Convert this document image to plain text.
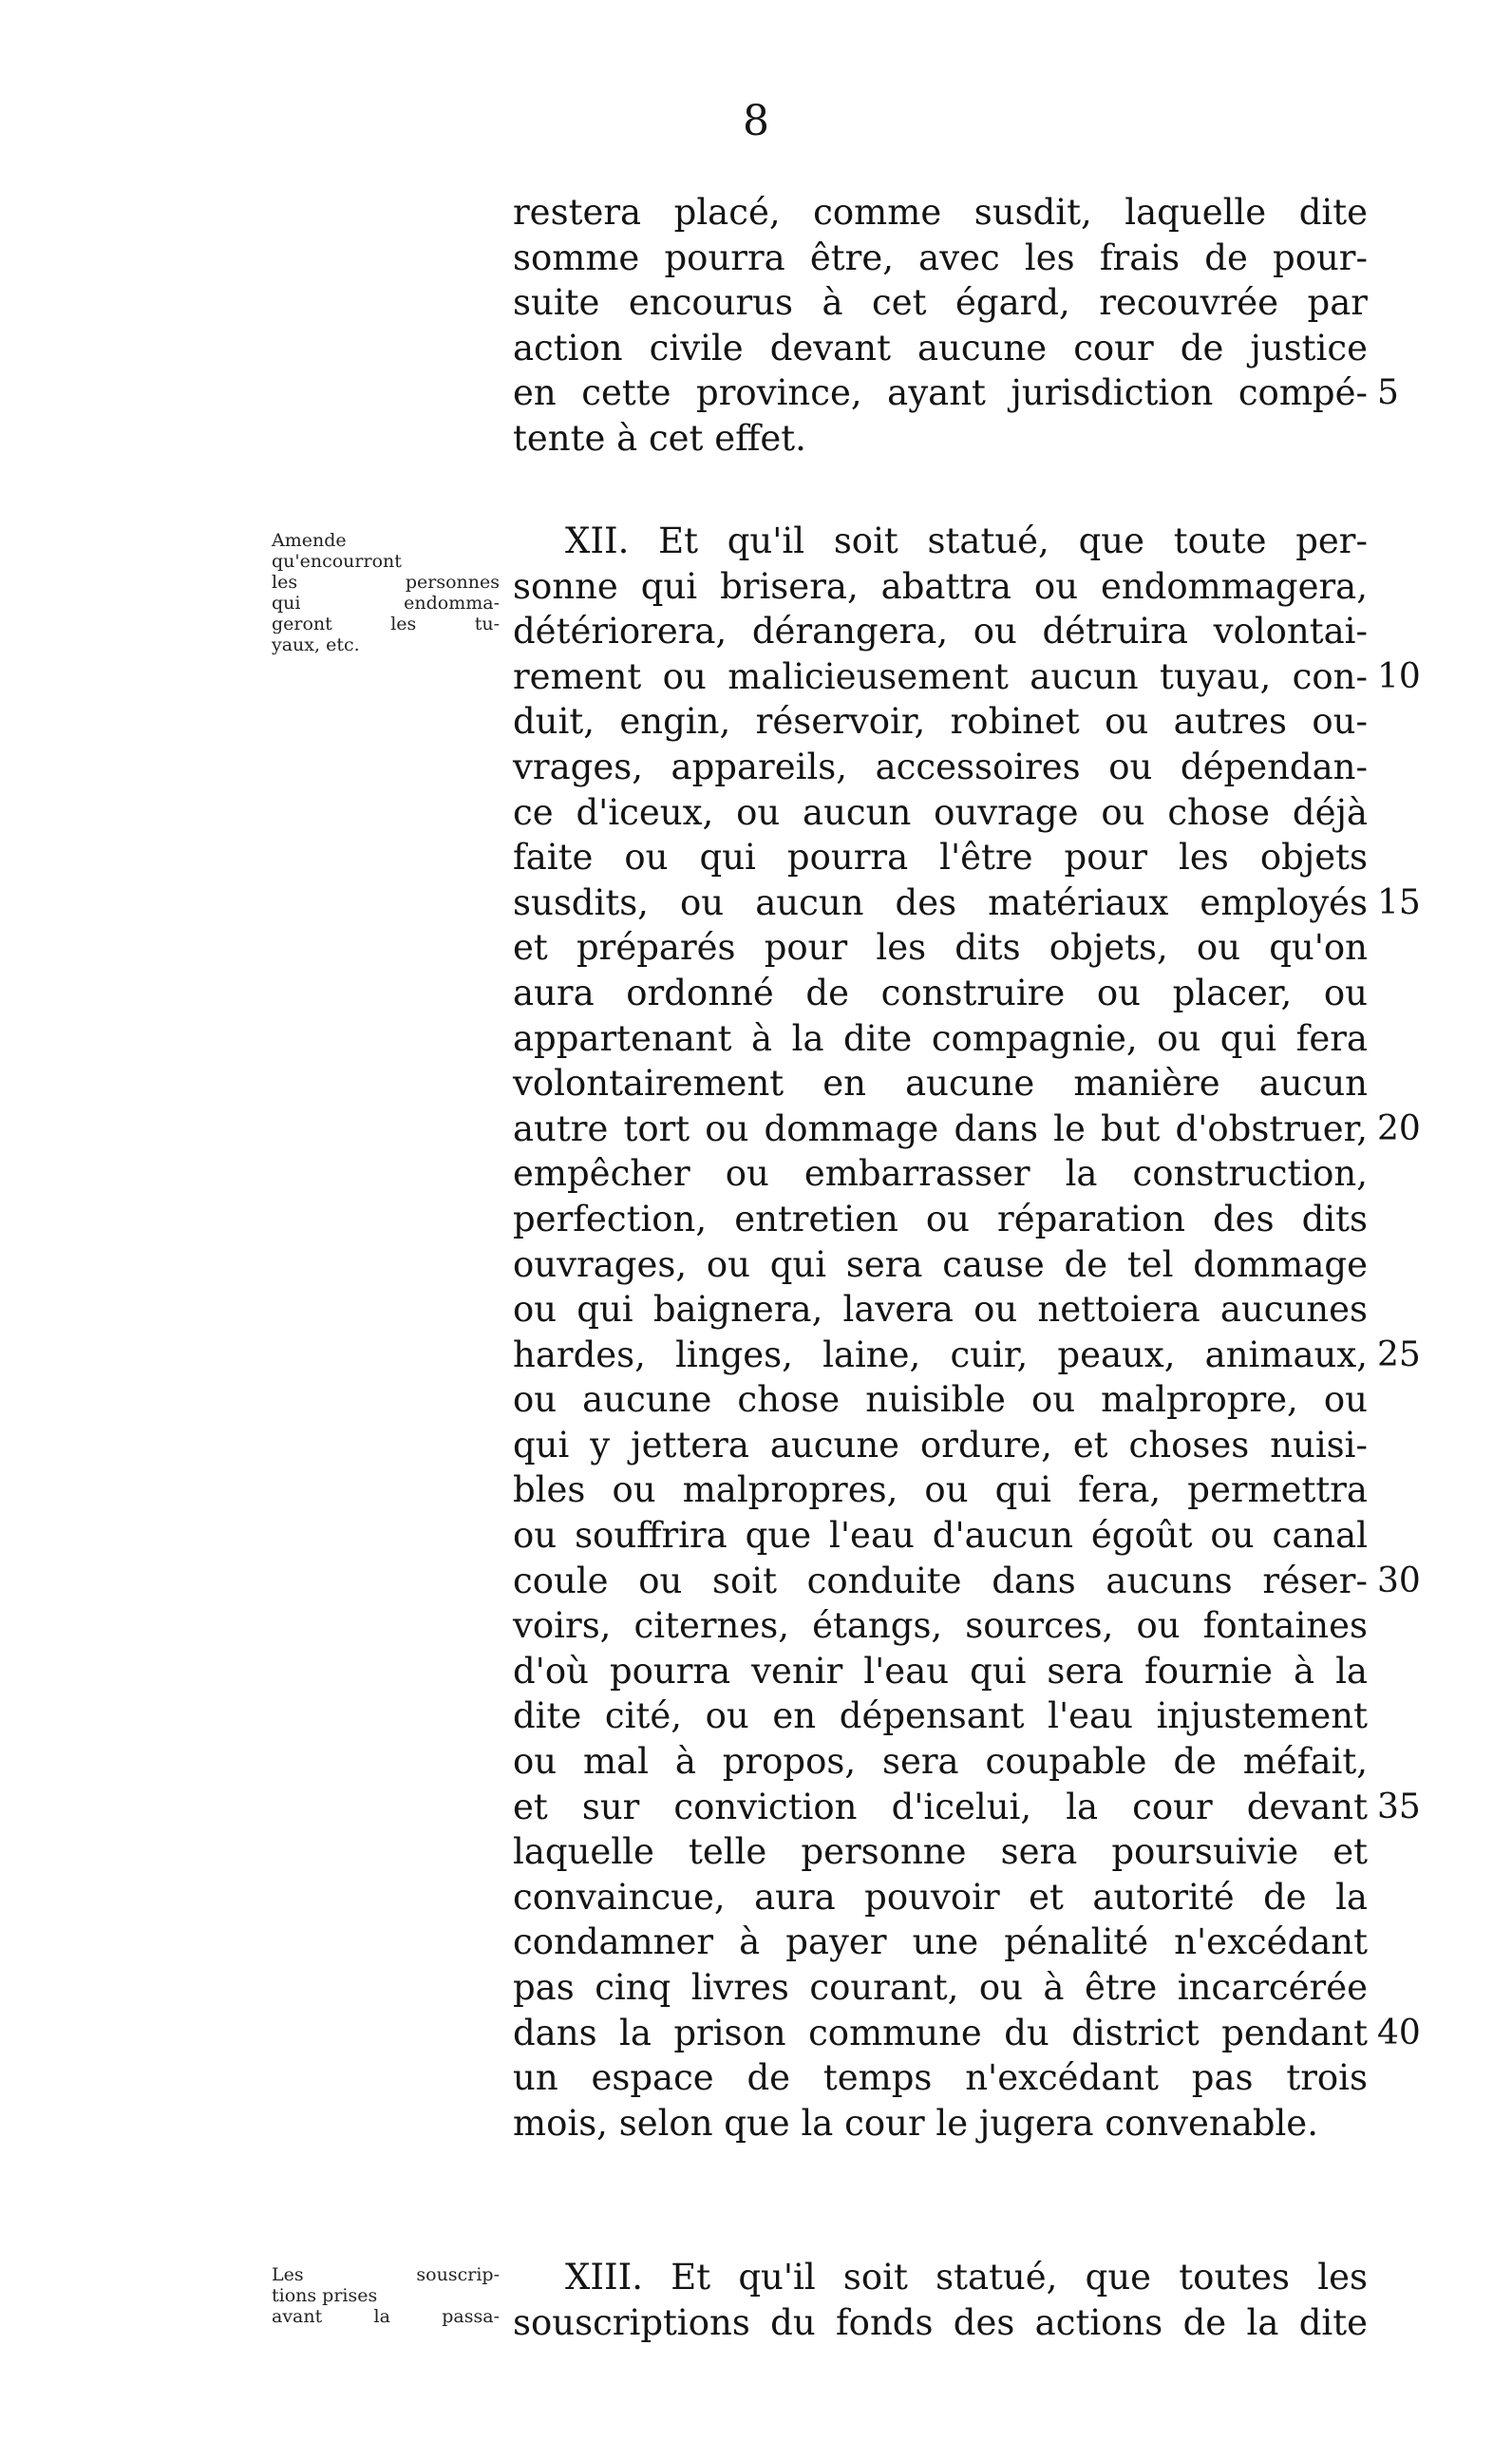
8
restera placé, comme susdit, laquelle dite
somme pourra être, avec les frais de pour-
suite encourus à cet égard, recouvrée par
action civile devant aucune cour de justice
en cette province, ayant jurisdiction compé- 5
tente à cet effet.
Amende
qu'encourront
les personnes
qui endomma-
geront les tu-
yaux, etc.
XII. Et qu'il soit statué, que toute per-
sonne qui brisera, abattra ou endommagera,
détériorera, dérangera, ou détruira volontai-
rement ou malicieusement aucun tuyau, con- 10
duit, engin, réservoir, robinet ou autres ou-
vrages, appareils, accessoires ou dépendan-
ce d'iceux, ou aucun ouvrage ou chose déjà
faite ou qui pourra l'être pour les objets
susdits, ou aucun des matériaux employés 15
et préparés pour les dits objets, ou qu'on
aura ordonné de construire ou placer, ou
appartenant à la dite compagnie, ou qui fera
volontairement en aucune manière aucun
autre tort ou dommage dans le but d'obstruer, 20
empêcher ou embarrasser la construction,
perfection, entretien ou réparation des dits
ouvrages, ou qui sera cause de tel dommage
ou qui baignera, lavera ou nettoiera aucunes
hardes, linges, laine, cuir, peaux, animaux, 25
ou aucune chose nuisible ou malpropre, ou
qui y jettera aucune ordure, et choses nuisi-
bles ou malpropres, ou qui fera, permettra
ou souffrira que l'eau d'aucun égoût ou canal
coule ou soit conduite dans aucuns réser- 30
voirs, citernes, étangs, sources, ou fontaines
d'où pourra venir l'eau qui sera fournie à la
dite cité, ou en dépensant l'eau injustement
ou mal à propos, sera coupable de méfait,
et sur conviction d'icelui, la cour devant 35
laquelle telle personne sera poursuivie et
convaincue, aura pouvoir et autorité de la
condamner à payer une pénalité n'excédant
pas cinq livres courant, ou à être incarcérée
dans la prison commune du district pendant 40
un espace de temps n'excédant pas trois
mois, selon que la cour le jugera convenable.
Les souscrip-
tions prises
avant la passa-
XIII. Et qu'il soit statué, que toutes les
souscriptions du fonds des actions de la dite
